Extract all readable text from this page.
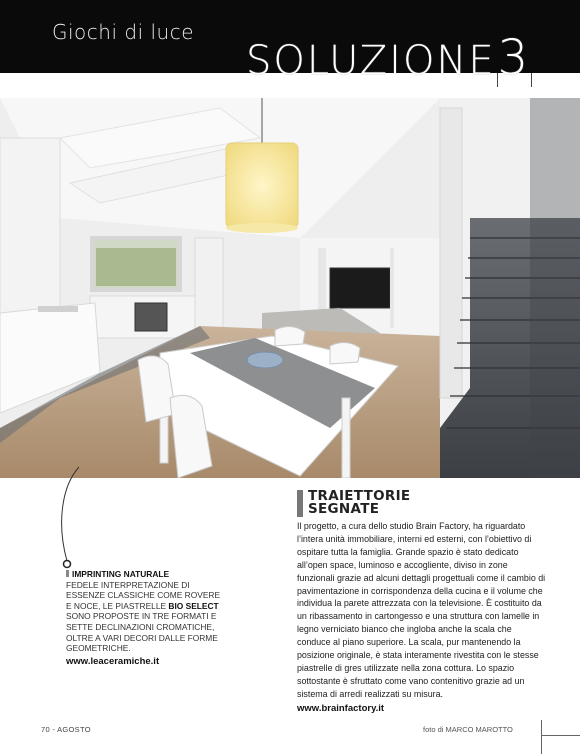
Giochi di luce
SOLUZIONE3
IMPRINTING NATURALE
FEDELE INTERPRETAZIONE DI ESSENZE CLASSICHE COME ROVERE E NOCE, LE PIASTRELLE BIO SELECT SONO PROPOSTE IN TRE FORMATI E SETTE DECLINAZIONI CROMATICHE, OLTRE A VARI DECORI DALLE FORME GEOMETRICHE.
www.leaceramiche.it
TRAIETTORIE
SEGNATE
Il progetto, a cura dello studio Brain Factory, ha riguardato l’intera unità immobiliare, interni ed esterni, con l’obiettivo di ospitare tutta la famiglia. Grande spazio è stato dedicato all’open space, luminoso e accogliente, diviso in zone funzionali grazie ad alcuni dettagli progettuali come il cambio di pavimentazione in corrispondenza della cucina e il volume che individua la parete attrezzata con la televisione. È costituito da un ribassamento in cartongesso e una struttura con lamelle in legno verniciato bianco che ingloba anche la scala che conduce al piano superiore. La scala, pur mantenendo la posizione originale, è stata interamente rivestita con le stesse piastrelle di gres utilizzate nella zona cottura. Lo spazio sottostante è sfruttato come vano contenitivo grazie ad un sistema di arredi realizzati su misura.
www.brainfactory.it
70 - AGOSTO	foto di MARCO MAROTTO
